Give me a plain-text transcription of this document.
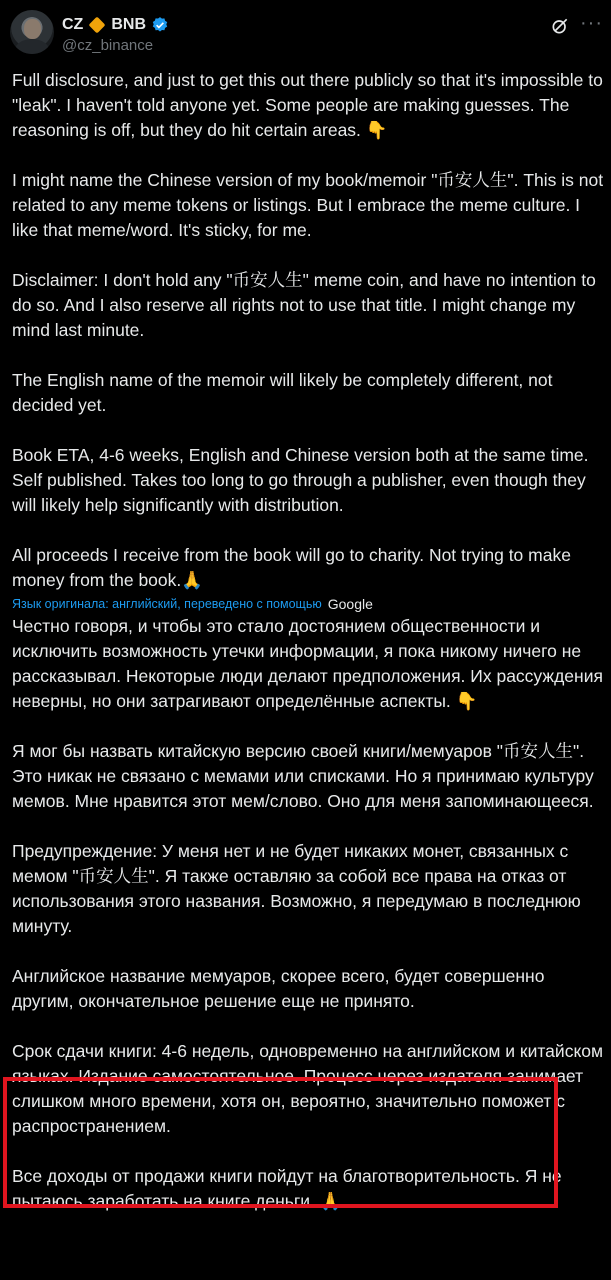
CZ BNB
@cz_binance
···

Full disclosure, and just to get this out there publicly so that it's impossible to "leak". I haven't told anyone yet. Some people are making guesses. The reasoning is off, but they do hit certain areas. 👇

I might name the Chinese version of my book/memoir "币安人生". This is not related to any meme tokens or listings. But I embrace the meme culture. I like that meme/word. It's sticky, for me.

Disclaimer: I don't hold any "币安人生" meme coin, and have no intention to do so. And I also reserve all rights not to use that title. I might change my mind last minute.

The English name of the memoir will likely be completely different, not decided yet.

Book ETA, 4-6 weeks, English and Chinese version both at the same time. Self published. Takes too long to go through a publisher, even though they will likely help significantly with distribution.

All proceeds I receive from the book will go to charity. Not trying to make money from the book.🙏

Язык оригинала: английский, переведено с помощью Google

Честно говоря, и чтобы это стало достоянием общественности и исключить возможность утечки информации, я пока никому ничего не рассказывал. Некоторые люди делают предположения. Их рассуждения неверны, но они затрагивают определённые аспекты. 👇

Я мог бы назвать китайскую версию своей книги/мемуаров "币安人生". Это никак не связано с мемами или списками. Но я принимаю культуру мемов. Мне нравится этот мем/слово. Оно для меня запоминающееся.

Предупреждение: У меня нет и не будет никаких монет, связанных с мемом "币安人生". Я также оставляю за собой все права на отказ от использования этого названия. Возможно, я передумаю в последнюю минуту.

Английское название мемуаров, скорее всего, будет совершенно другим, окончательное решение еще не принято.

Срок сдачи книги: 4-6 недель, одновременно на английском и китайском языках. Издание самостоятельное. Процесс через издателя занимает слишком много времени, хотя он, вероятно, значительно поможет с распространением.

Все доходы от продажи книги пойдут на благотворительность. Я не пытаюсь заработать на книге деньги. 🙏
